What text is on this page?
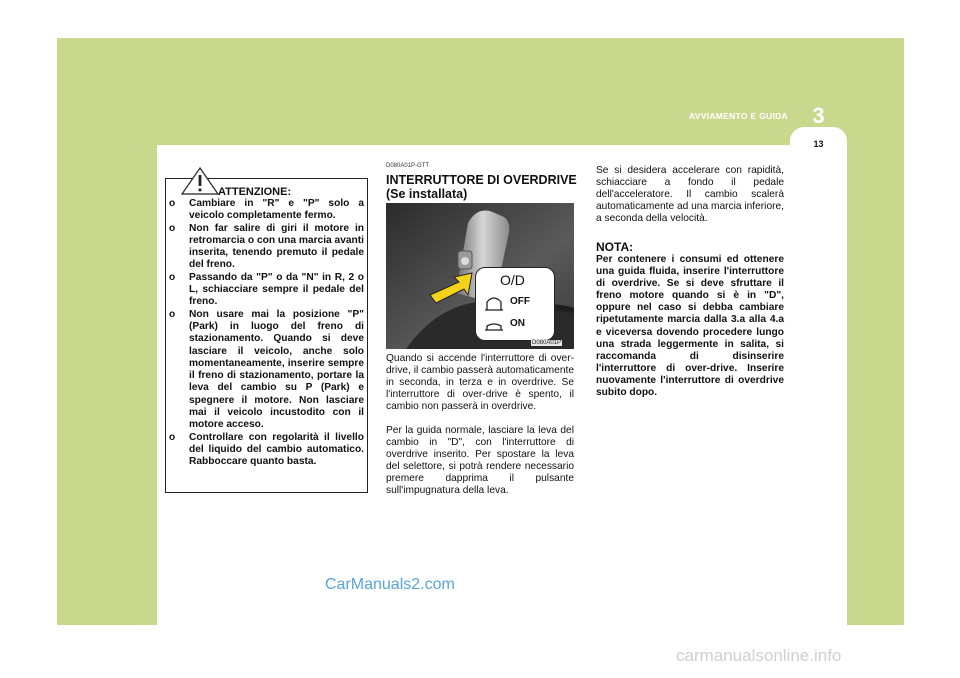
3
AVVIAMENTO E GUIDA
13
ATTENZIONE:
o Cambiare in "R" e "P" solo a veicolo completamente fermo.
o Non far salire di giri il motore in retromarcia o con una marcia avanti inserita, tenendo premuto il pedale del freno.
o Passando da "P" o da "N" in R, 2 o L, schiacciare sempre il pedale del freno.
o Non usare mai la posizione "P" (Park) in luogo del freno di stazionamento. Quando si deve lasciare il veicolo, anche solo momentaneamente, inserire sempre il freno di stazionamento, portare la leva del cambio su P (Park) e spegnere il motore. Non lasciare mai il veicolo incustodito con il motore acceso.
o Controllare con regolarità il livello del liquido del cambio automatico. Rabboccare quanto basta.
D080A01P-GTT
INTERRUTTORE DI OVERDRIVE (Se installata)
O/D
OFF
ON
D080A01P
Quando si accende l'interruttore di over-drive, il cambio passerà automaticamente in seconda, in terza e in overdrive. Se l'interruttore di over-drive è spento, il cambio non passerà in overdrive.
Per la guida normale, lasciare la leva del cambio in "D", con l'interruttore di overdrive inserito. Per spostare la leva del selettore, si potrà rendere necessario premere dapprima il pulsante sull'impugnatura della leva.
Se si desidera accelerare con rapidità, schiacciare a fondo il pedale dell'acceleratore. Il cambio scalerà automaticamente ad una marcia inferiore, a seconda della velocità.
NOTA:
Per contenere i consumi ed ottenere una guida fluida, inserire l'interruttore di overdrive. Se si deve sfruttare il freno motore quando si è in "D", oppure nel caso si debba cambiare ripetutamente marcia dalla 3.a alla 4.a e viceversa dovendo procedere lungo una strada leggermente in salita, si raccomanda di disinserire l'interruttore di over-drive. Inserire nuovamente l'interruttore di overdrive subito dopo.
CarManuals2.com
carmanualsonline.info
